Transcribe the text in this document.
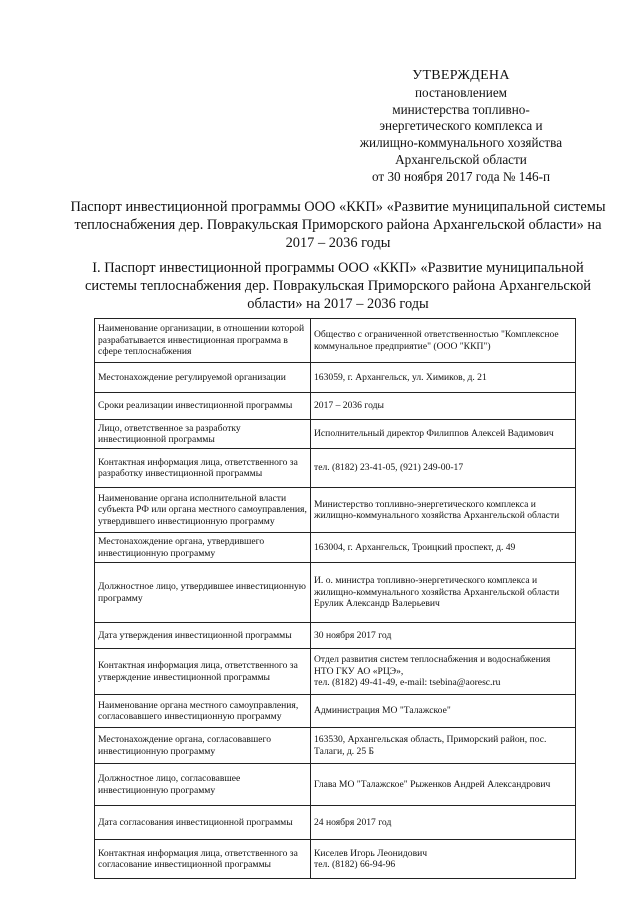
УТВЕРЖДЕНА
постановлением
министерства топливно-
энергетического комплекса и
жилищно-коммунального хозяйства
Архангельской области
от 30 ноября 2017 года № 146-п
Паспорт инвестиционной программы ООО «ККП» «Развитие муниципальной системы теплоснабжения дер. Повракульская Приморского района Архангельской области» на 2017 – 2036 годы
I. Паспорт инвестиционной программы ООО «ККП» «Развитие муниципальной системы теплоснабжения дер. Повракульская Приморского района Архангельской области» на 2017 – 2036 годы
Наименование организации, в отношении которой разрабатывается инвестиционная программа в сфере теплоснабжения	Общество с ограниченной ответственностью "Комплексное коммунальное предприятие" (ООО "ККП")

Местонахождение регулируемой организации	163059, г. Архангельск, ул. Химиков, д. 21

Сроки реализации инвестиционной программы	2017 – 2036 годы

Лицо, ответственное за разработку инвестиционной программы	Исполнительный директор Филиппов Алексей Вадимович

Контактная информация лица, ответственного за разработку инвестиционной программы	тел. (8182) 23-41-05, (921) 249-00-17

Наименование органа исполнительной власти субъекта РФ или органа местного самоуправления, утвердившего инвестиционную программу	Министерство топливно-энергетического комплекса и жилищно-коммунального хозяйства Архангельской области

Местонахождение органа, утвердившего инвестиционную программу	163004, г. Архангельск, Троицкий проспект, д. 49

Должностное лицо, утвердившее инвестиционную программу	И. о. министра топливно-энергетического комплекса и жилищно-коммунального хозяйства Архангельской области

Ерулик Александр Валерьевич

Дата утверждения инвестиционной программы	30 ноября 2017 год

Контактная информация лица, ответственного за утверждение инвестиционной программы	Отдел развития систем теплоснабжения и водоснабжения НТО ГКУ АО «РЦЭ»,

тел. (8182) 49-41-49, e-mail: tsebina@aoresc.ru

Наименование органа местного самоуправления, согласовавшего инвестиционную программу	Администрация МО "Талажское"

Местонахождение органа, согласовавшего инвестиционную программу	163530, Архангельская область, Приморский район, пос. Талаги, д. 25 Б

Должностное лицо, согласовавшее инвестиционную программу	Глава МО "Талажское" Рыженков Андрей Александрович

Дата согласования инвестиционной программы	24 ноября 2017 год

Контактная информация лица, ответственного за согласование инвестиционной программы	Киселев Игорь Леонидович

тел. (8182) 66-94-96
